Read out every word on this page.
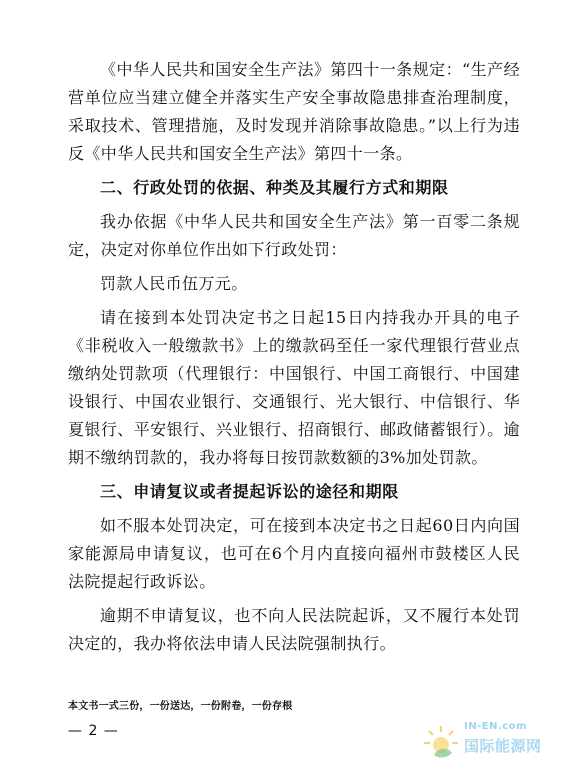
《中华人民共和国安全生产法》第四十一条规定：“生产经营单位应当建立健全并落实生产安全事故隐患排查治理制度，采取技术、管理措施，及时发现并消除事故隐患。”以上行为违反《中华人民共和国安全生产法》第四十一条。

二、行政处罚的依据、种类及其履行方式和期限

我办依据《中华人民共和国安全生产法》第一百零二条规定，决定对你单位作出如下行政处罚：

罚款人民币伍万元。

请在接到本处罚决定书之日起15日内持我办开具的电子《非税收入一般缴款书》上的缴款码至任一家代理银行营业点缴纳处罚款项（代理银行：中国银行、中国工商银行、中国建设银行、中国农业银行、交通银行、光大银行、中信银行、华夏银行、平安银行、兴业银行、招商银行、邮政储蓄银行）。逾期不缴纳罚款的，我办将每日按罚款数额的3%加处罚款。

三、申请复议或者提起诉讼的途径和期限

如不服本处罚决定，可在接到本决定书之日起60日内向国家能源局申请复议，也可在6个月内直接向福州市鼓楼区人民法院提起行政诉讼。

逾期不申请复议，也不向人民法院起诉，又不履行本处罚决定的，我办将依法申请人民法院强制执行。

本文书一式三份，一份送达，一份附卷，一份存根
— 2 —	IN-EN.com
国际能源网
